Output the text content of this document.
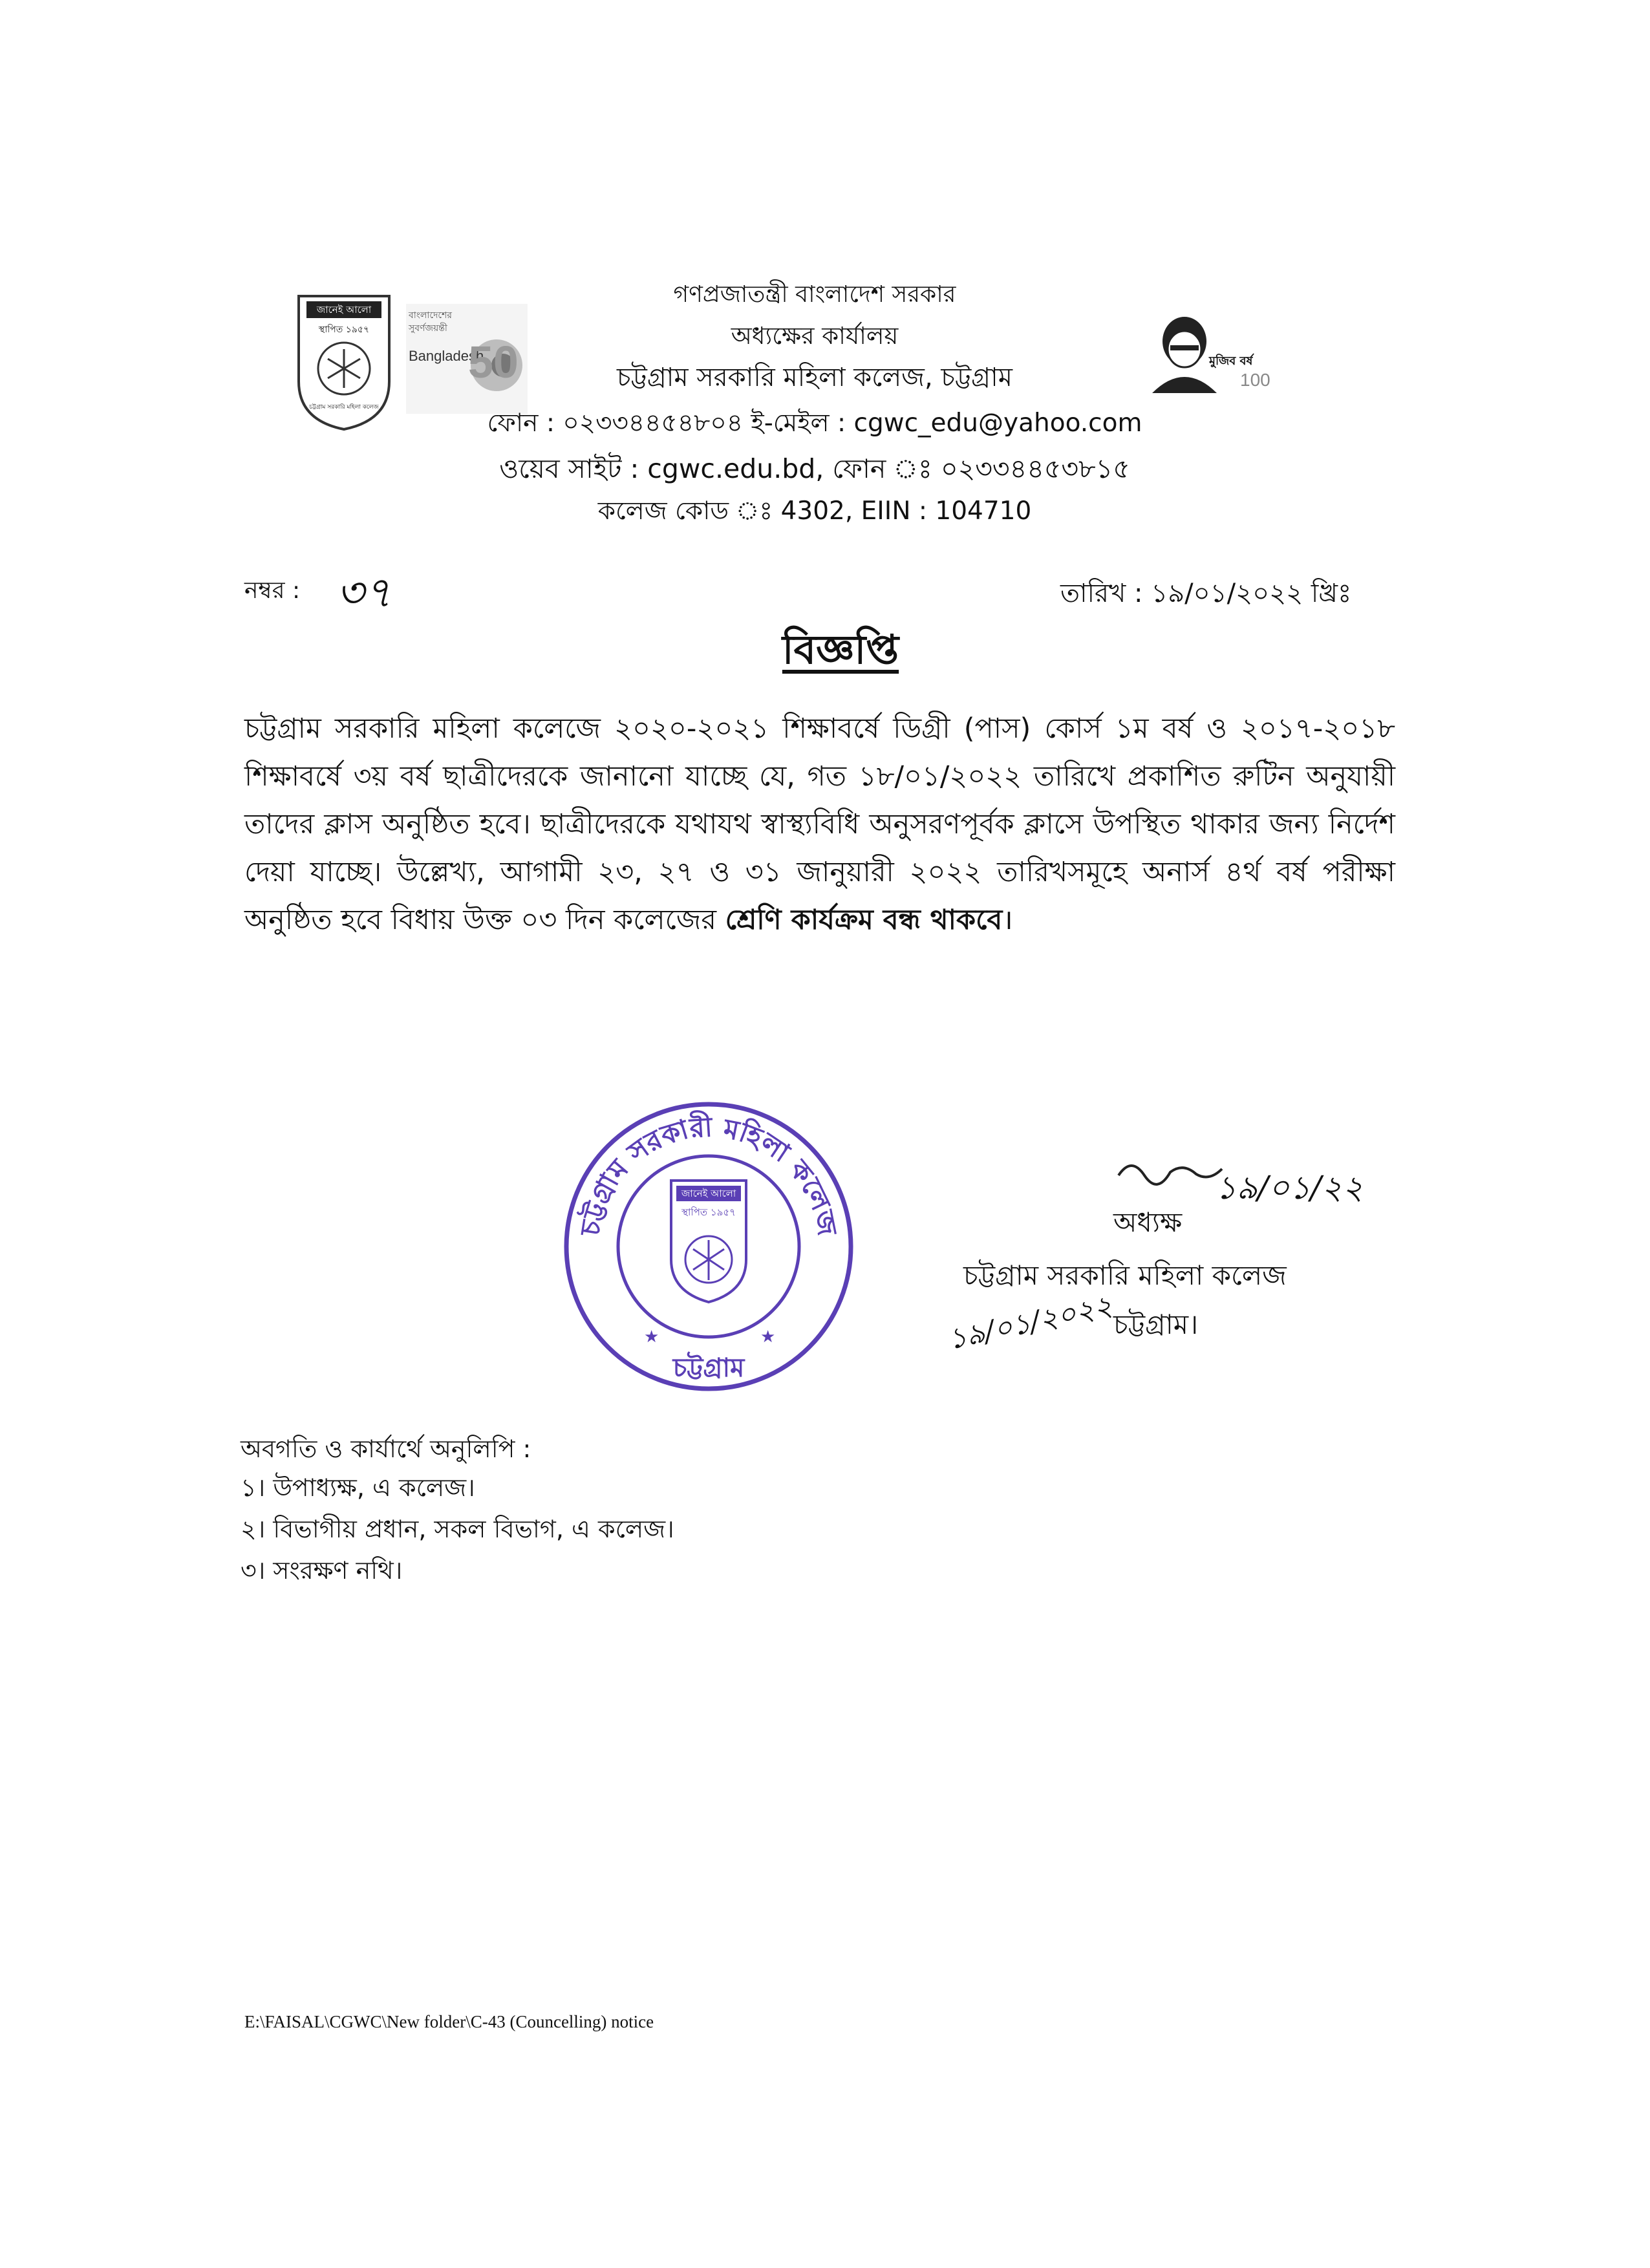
জানেই আলো
স্থাপিত ১৯৫৭
চট্টগ্রাম সরকারি মহিলা কলেজ
বাংলাদেশের সুবর্ণজয়ন্তী
Bangladesh
50	মুজিব বর্ষ
100
গণপ্রজাতন্ত্রী বাংলাদেশ সরকার
অধ্যক্ষের কার্যালয়
চট্টগ্রাম সরকারি মহিলা কলেজ, চট্টগ্রাম
ফোন : ০২৩৩৪৪৫৪৮০৪ ই-মেইল : cgwc_edu@yahoo.com
ওয়েব সাইট : cgwc.edu.bd, ফোন ঃ ০২৩৩৪৪৫৩৮১৫
কলেজ কোড ঃ 4302, EIIN : 104710
নম্বর : ৩৭	তারিখ : ১৯/০১/২০২২ খ্রিঃ
বিজ্ঞপ্তি
চট্টগ্রাম সরকারি মহিলা কলেজে ২০২০-২০২১ শিক্ষাবর্ষে ডিগ্রী (পাস) কোর্স ১ম বর্ষ ও ২০১৭-২০১৮ শিক্ষাবর্ষে ৩য় বর্ষ ছাত্রীদেরকে জানানো যাচ্ছে যে, গত ১৮/০১/২০২২ তারিখে প্রকাশিত রুটিন অনুযায়ী তাদের ক্লাস অনুষ্ঠিত হবে। ছাত্রীদেরকে যথাযথ স্বাস্থ্যবিধি অনুসরণপূর্বক ক্লাসে উপস্থিত থাকার জন্য নির্দেশ দেয়া যাচ্ছে। উল্লেখ্য, আগামী ২৩, ২৭ ও ৩১ জানুয়ারী ২০২২ তারিখসমূহে অনার্স ৪র্থ বর্ষ পরীক্ষা অনুষ্ঠিত হবে বিধায় উক্ত ০৩ দিন কলেজের শ্রেণি কার্যক্রম বন্ধ থাকবে।
চট্টগ্রাম সরকারী মহিলা কলেজ
★	★
জানেই আলো
স্থাপিত ১৯৫৭
চট্টগ্রাম
১৯/০১/২২
অধ্যক্ষ
চট্টগ্রাম সরকারি মহিলা কলেজ
চট্টগ্রাম।
১৯/০১/২০২২
অবগতি ও কার্যার্থে অনুলিপি :
১। উপাধ্যক্ষ, এ কলেজ।
২। বিভাগীয় প্রধান, সকল বিভাগ, এ কলেজ।
৩। সংরক্ষণ নথি।
E:\FAISAL\CGWC\New folder\C-43 (Councelling) notice
